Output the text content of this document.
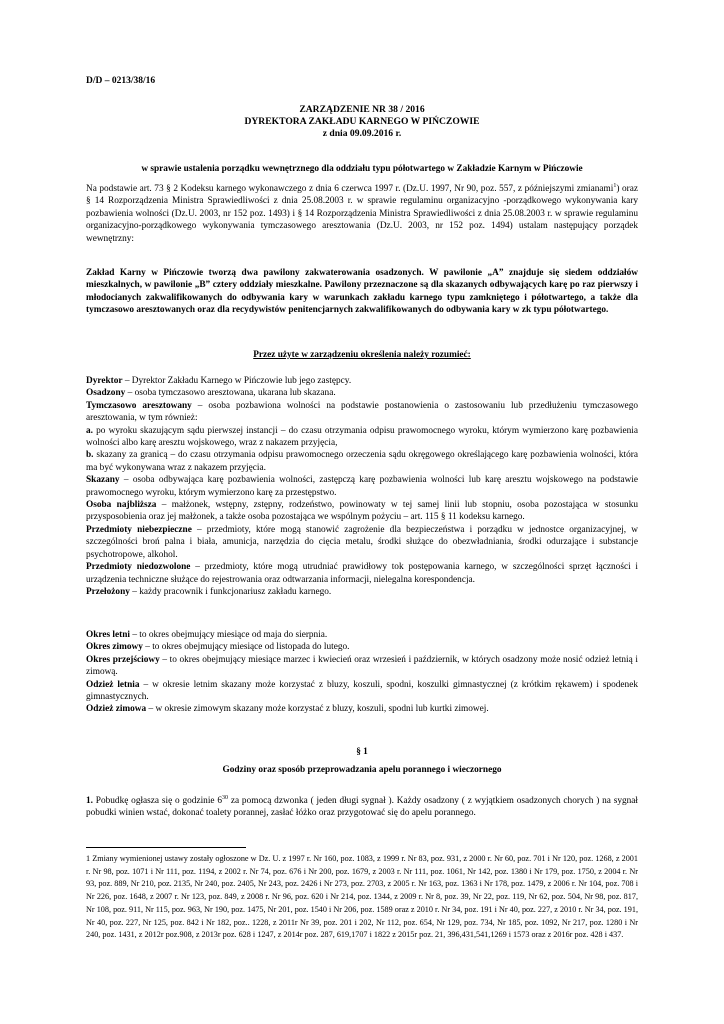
D/D – 0213/38/16

ZARZĄDZENIE NR 38 / 2016

DYREKTORA ZAKŁADU KARNEGO W PIŃCZOWIE

z dnia 09.09.2016 r.

w sprawie ustalenia porządku wewnętrznego dla oddziału typu półotwartego w Zakładzie Karnym w Pińczowie

Na podstawie art. 73 § 2 Kodeksu karnego wykonawczego z dnia 6 czerwca 1997 r. (Dz.U. 1997, Nr 90, poz. 557, z późniejszymi zmianami$^1$) oraz § 14 Rozporządzenia Ministra Sprawiedliwości z dnia 25.08.2003 r. w sprawie regulaminu organizacyjno -porządkowego wykonywania kary pozbawienia wolności (Dz.U. 2003, nr 152 poz. 1493) i § 14 Rozporządzenia Ministra Sprawiedliwości z dnia 25.08.2003 r. w sprawie regulaminu organizacyjno-porządkowego wykonywania tymczasowego aresztowania (Dz.U. 2003, nr 152 poz. 1494) ustalam następujący porządek wewnętrzny:

Zakład Karny w Pińczowie tworzą dwa pawilony zakwaterowania osadzonych. W pawilonie „A” znajduje się siedem oddziałów mieszkalnych, w pawilonie „B” cztery oddziały mieszkalne. Pawilony przeznaczone są dla skazanych odbywających karę po raz pierwszy i młodocianych zakwalifikowanych do odbywania kary w warunkach zakładu karnego typu zamkniętego i półotwartego, a także dla tymczasowo aresztowanych oraz dla recydywistów penitencjarnych zakwalifikowanych do odbywania kary w zk typu półotwartego.

Przez użyte w zarządzeniu określenia należy rozumieć:

Dyrektor – Dyrektor Zakładu Karnego w Pińczowie lub jego zastępcy.

Osadzony – osoba tymczasowo aresztowana, ukarana lub skazana.

Tymczasowo aresztowany – osoba pozbawiona wolności na podstawie postanowienia o zastosowaniu lub przedłużeniu tymczasowego aresztowania, w tym również:

a. po wyroku skazującym sądu pierwszej instancji – do czasu otrzymania odpisu prawomocnego wyroku, którym wymierzono karę pozbawienia wolności albo karę aresztu wojskowego, wraz z nakazem przyjęcia,

b. skazany za granicą – do czasu otrzymania odpisu prawomocnego orzeczenia sądu okręgowego określającego karę pozbawienia wolności, która ma być wykonywana wraz z nakazem przyjęcia.

Skazany – osoba odbywająca karę pozbawienia wolności, zastępczą karę pozbawienia wolności lub karę aresztu wojskowego na podstawie prawomocnego wyroku, którym wymierzono karę za przestępstwo.

Osoba najbliższa – małżonek, wstępny, zstępny, rodzeństwo, powinowaty w tej samej linii lub stopniu, osoba pozostająca w stosunku przysposobienia oraz jej małżonek, a także osoba pozostająca we wspólnym pożyciu – art. 115 § 11 kodeksu karnego.

Przedmioty niebezpieczne – przedmioty, które mogą stanowić zagrożenie dla bezpieczeństwa i porządku w jednostce organizacyjnej, w szczególności broń palna i biała, amunicja, narzędzia do cięcia metalu, środki służące do obezwładniania, środki odurzające i substancje psychotropowe, alkohol.

Przedmioty niedozwolone – przedmioty, które mogą utrudniać prawidłowy tok postępowania karnego, w szczególności sprzęt łączności i urządzenia techniczne służące do rejestrowania oraz odtwarzania informacji, nielegalna korespondencja.

Przełożony – każdy pracownik i funkcjonariusz zakładu karnego.

Okres letni – to okres obejmujący miesiące od maja do sierpnia.

Okres zimowy – to okres obejmujący miesiące od listopada do lutego.

Okres przejściowy – to okres obejmujący miesiące marzec i kwiecień oraz wrzesień i październik, w których osadzony może nosić odzież letnią i zimową.

Odzież letnia – w okresie letnim skazany może korzystać z bluzy, koszuli, spodni, koszulki gimnastycznej (z krótkim rękawem) i spodenek gimnastycznych.

Odzież zimowa – w okresie zimowym skazany może korzystać z bluzy, koszuli, spodni lub kurtki zimowej.

§ 1

Godziny oraz sposób przeprowadzania apelu porannego i wieczornego

1. Pobudkę ogłasza się o godzinie $6^{30}$ za pomocą dzwonka ( jeden długi sygnał ). Każdy osadzony ( z wyjątkiem osadzonych chorych ) na sygnał pobudki winien wstać, dokonać toalety porannej, zasłać łóżko oraz przygotować się do apelu porannego.

1 Zmiany wymienionej ustawy zostały ogłoszone w Dz. U. z 1997 r. Nr 160, poz. 1083, z 1999 r. Nr 83, poz. 931, z 2000 r. Nr 60, poz. 701 i Nr 120, poz. 1268, z 2001 r. Nr 98, poz. 1071 i Nr 111, poz. 1194, z 2002 r. Nr 74, poz. 676 i Nr 200, poz. 1679, z 2003 r. Nr 111, poz. 1061, Nr 142, poz. 1380 i Nr 179, poz. 1750, z 2004 r. Nr 93, poz. 889, Nr 210, poz. 2135, Nr 240, poz. 2405, Nr 243, poz. 2426 i Nr 273, poz. 2703, z 2005 r. Nr 163, poz. 1363 i Nr 178, poz. 1479, z 2006 r. Nr 104, poz. 708 i Nr 226, poz. 1648, z 2007 r. Nr 123, poz. 849, z 2008 r. Nr 96, poz. 620 i Nr 214, poz. 1344, z 2009 r. Nr 8, poz. 39, Nr 22, poz. 119, Nr 62, poz. 504, Nr 98, poz. 817, Nr 108, poz. 911, Nr 115, poz. 963, Nr 190, poz. 1475, Nr 201, poz. 1540 i Nr 206, poz. 1589 oraz z 2010 r. Nr 34, poz. 191 i Nr 40, poz. 227, z 2010 r. Nr 34, poz. 191, Nr 40, poz. 227, Nr 125, poz. 842 i Nr 182, poz.. 1228, z 2011r Nr 39, poz. 201 i 202, Nr 112, poz. 654, Nr 129, poz. 734, Nr 185, poz. 1092, Nr 217, poz. 1280 i Nr 240, poz. 1431, z 2012r poz.908, z 2013r poz. 628 i 1247, z 2014r poz. 287, 619,1707 i 1822 z 2015r poz. 21, 396,431,541,1269 i 1573 oraz z 2016r poz. 428 i 437.
